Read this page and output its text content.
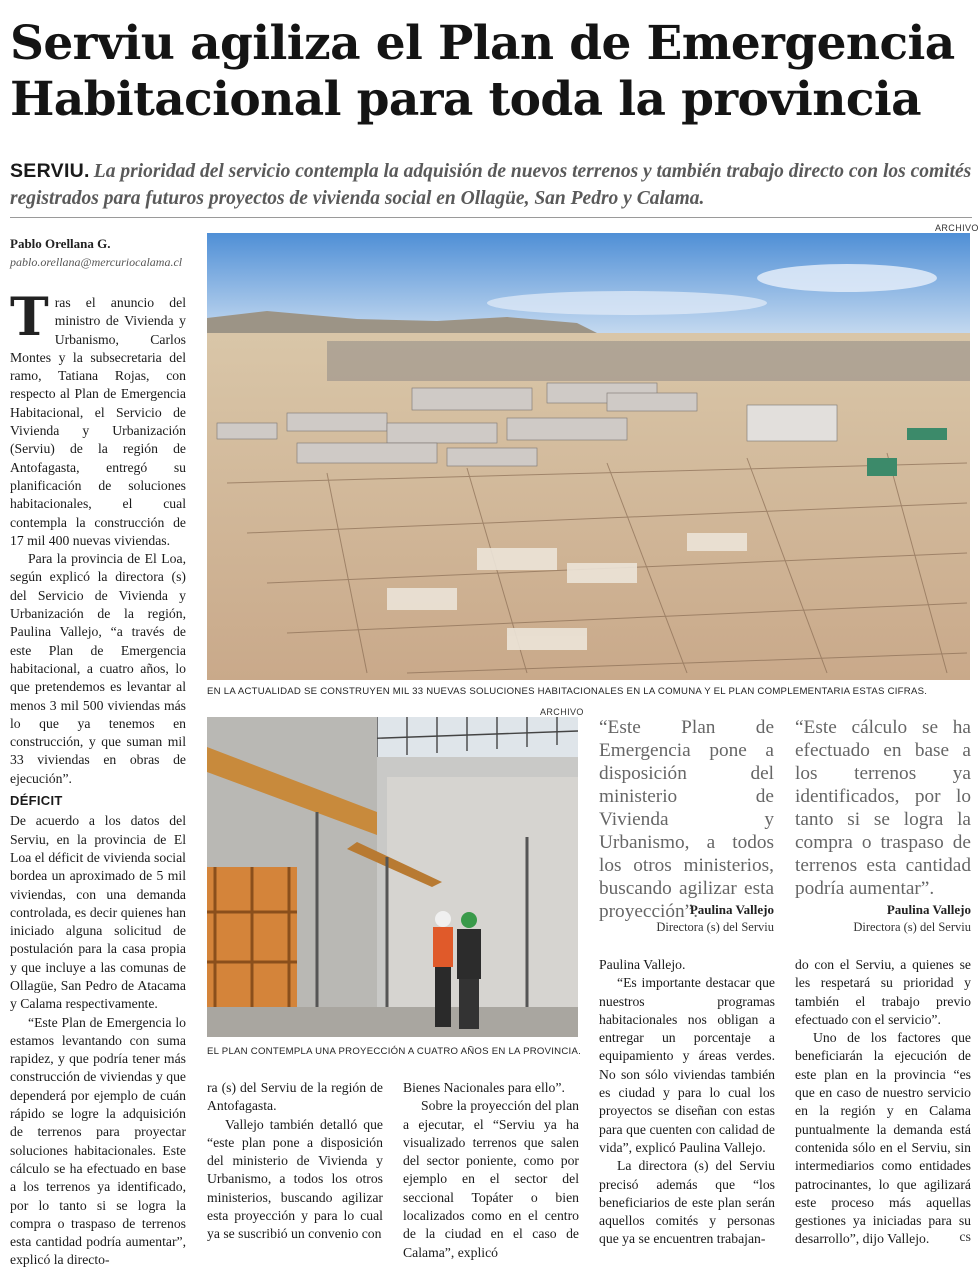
Serviu agiliza el Plan de Emergencia Habitacional para toda la provincia
SERVIU. La prioridad del servicio contempla la adquisión de nuevos terrenos y también trabajo directo con los comités registrados para futuros proyectos de vivienda social en Ollagüe, San Pedro y Calama.
Pablo Orellana G.
pablo.orellana@mercuriocalama.cl
ARCHIVO
EN LA ACTUALIDAD SE CONSTRUYEN MIL 33 NUEVAS SOLUCIONES HABITACIONALES EN LA COMUNA Y EL PLAN COMPLEMENTARIA ESTAS CIFRAS.
ARCHIVO
EL PLAN CONTEMPLA UNA PROYECCIÓN A CUATRO AÑOS EN LA PROVINCIA.

Tras el anuncio del ministro de Vivienda y Urbanismo, Carlos Montes y la subsecretaria del ramo, Tatiana Rojas, con respecto al Plan de Emergencia Habitacional, el Servicio de Vivienda y Urbanización (Serviu) de la región de Antofagasta, entregó su planificación de soluciones habitacionales, el cual contempla la construcción de 17 mil 400 nuevas viviendas.

Para la provincia de El Loa, según explicó la directora (s) del Servicio de Vivienda y Urbanización de la región, Paulina Vallejo, “a través de este Plan de Emergencia habitacional, a cuatro años, lo que pretendemos es levantar al menos 3 mil 500 viviendas más lo que ya tenemos en construcción, y que suman mil 33 viviendas en obras de ejecución”.

DÉFICIT

De acuerdo a los datos del Serviu, en la provincia de El Loa el déficit de vivienda social bordea un aproximado de 5 mil viviendas, con una demanda controlada, es decir quienes han iniciado alguna solicitud de postulación para la casa propia y que incluye a las comunas de Ollagüe, San Pedro de Atacama y Calama respectivamente.

“Este Plan de Emergencia lo estamos levantando con suma rapidez, y que podría tener más construcción de viviendas y que dependerá por ejemplo de cuán rápido se logre la adquisición de terrenos para proyectar soluciones habitacionales. Este cálculo se ha efectuado en base a los terrenos ya identificado, por lo tanto si se logra la compra o traspaso de terrenos esta cantidad podría aumentar”, explicó la directo-

ra (s) del Serviu de la región de Antofagasta.

Vallejo también detalló que “este plan pone a disposición del ministerio de Vivienda y Urbanismo, a todos los otros ministerios, buscando agilizar esta proyección y para lo cual ya se suscribió un convenio con

Bienes Nacionales para ello”.

Sobre la proyección del plan a ejecutar, el “Serviu ya ha visualizado terrenos que salen del sector poniente, como por ejemplo en el sector del seccional Topáter o bien localizados como en el centro de la ciudad en el caso de Calama”, explicó

“Este Plan de Emergencia pone a disposición del ministerio de Vivienda y Urbanismo, a todos los otros ministerios, buscando agilizar esta proyección”.
Paulina Vallejo
Directora (s) del Serviu
“Este cálculo se ha efectuado en base a los terrenos ya identificados, por lo tanto si se logra la compra o traspaso de terrenos esta cantidad podría aumentar”.
Paulina Vallejo
Directora (s) del Serviu

Paulina Vallejo.

“Es importante destacar que nuestros programas habitacionales nos obligan a entregar un porcentaje a equipamiento y áreas verdes. No son sólo viviendas también es ciudad y para lo cual los proyectos se diseñan con estas para que cuenten con calidad de vida”, explicó Paulina Vallejo.

La directora (s) del Serviu precisó además que “los beneficiarios de este plan serán aquellos comités y personas que ya se encuentren trabajan-

do con el Serviu, a quienes se les respetará su prioridad y también el trabajo previo efectuado con el servicio”.

Uno de los factores que beneficiarán la ejecución de este plan en la provincia “es que en caso de nuestro servicio en la región y en Calama puntualmente la demanda está contenida sólo en el Serviu, sin intermediarios como entidades patrocinantes, lo que agilizará este proceso más aquellas gestiones ya iniciadas para su desarrollo”, dijo Vallejo.	cs
